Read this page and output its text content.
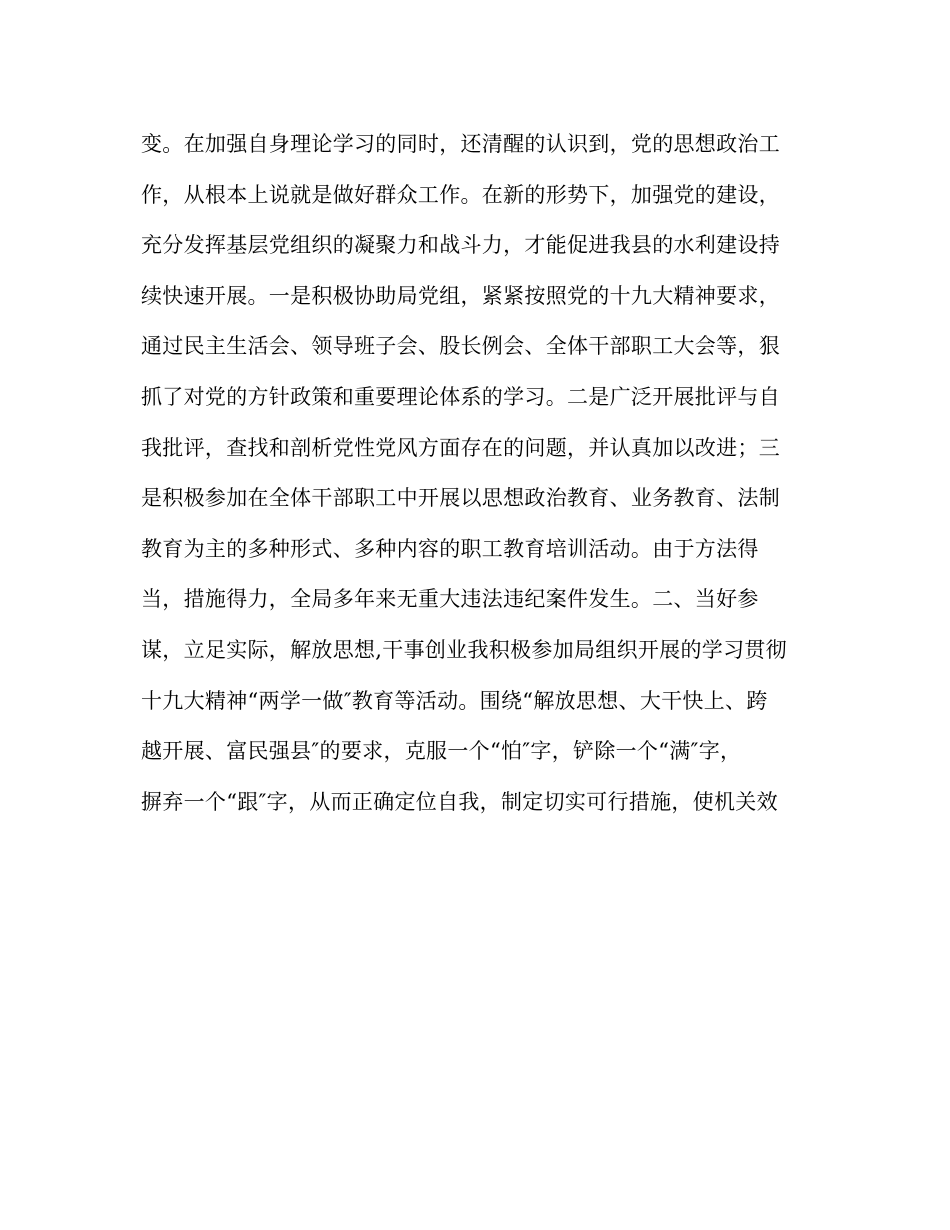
变。在加强自身理论学习的同时，还清醒的认识到，党的思想政治工
作，从根本上说就是做好群众工作。在新的形势下，加强党的建设，
充分发挥基层党组织的凝聚力和战斗力，才能促进我县的水利建设持
续快速开展。一是积极协助局党组，紧紧按照党的十九大精神要求，
通过民主生活会、领导班子会、股长例会、全体干部职工大会等，狠
抓了对党的方针政策和重要理论体系的学习。二是广泛开展批评与自
我批评，查找和剖析党性党风方面存在的问题，并认真加以改进；三
是积极参加在全体干部职工中开展以思想政治教育、业务教育、法制
教育为主的多种形式、多种内容的职工教育培训活动。由于方法得
当，措施得力，全局多年来无重大违法违纪案件发生。二、当好参
谋，立足实际，解放思想,干事创业我积极参加局组织开展的学习贯彻
十九大精神“两学一做″教育等活动。围绕“解放思想、大干快上、跨
越开展、富民强县″的要求，克服一个“怕″字，铲除一个“满″字，
摒弃一个“跟″字，从而正确定位自我，制定切实可行措施，使机关效
